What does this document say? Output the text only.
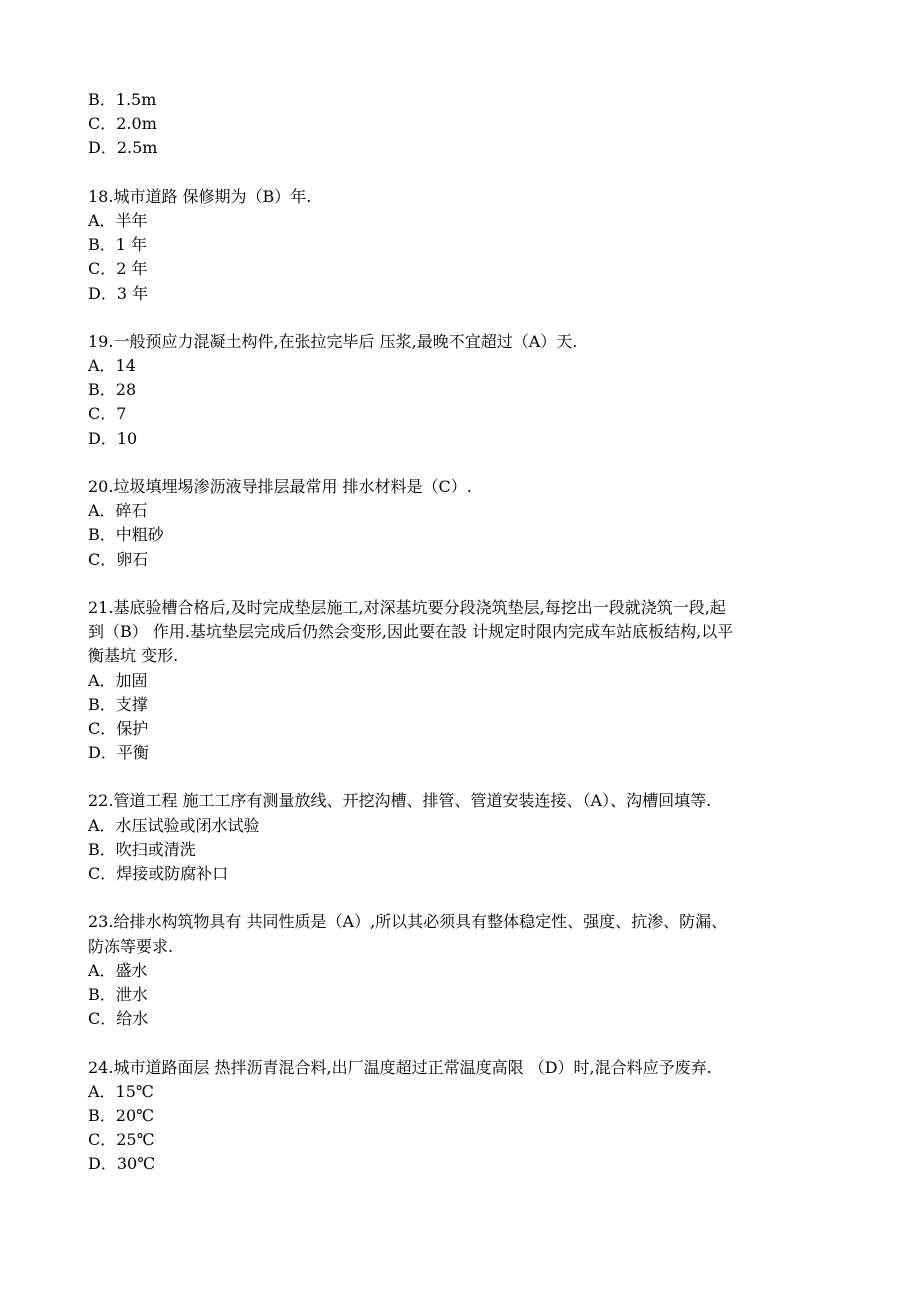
B．1.5m
C．2.0m
D．2.5m
18.城市道路 保修期为（B）年.
A．半年
B．1 年
C．2 年
D．3 年
19.一般预应力混凝土构件,在张拉完毕后 压浆,最晚不宜超过（A）天.
A．14
B．28
C．7
D．10
20.垃圾填埋埸渗沥液导排层最常用 排水材料是（C）.
A．碎石
B．中粗砂
C．卵石
21.基底验槽合格后,及时完成垫层施工,对深基坑要分段浇筑垫层,每挖出一段就浇筑一段,起
到（B） 作用.基坑垫层完成后仍然会变形,因此要在設 计规定时限内完成车站底板结构,以平
衡基坑 变形.
A．加固
B．支撑
C．保护
D．平衡
22.管道工程 施工工序有测量放线、开挖沟槽、排管、管道安装连接、（A）、沟槽回填等.
A．水压试验或闭水试验
B．吹扫或清洗
C．焊接或防腐补口
23.给排水构筑物具有 共同性质是（A）,所以其必须具有整体稳定性、强度、抗渗、防漏、
防冻等要求.
A．盛水
B．泄水
C．给水
24.城市道路面层 热拌沥青混合料,出厂温度超过正常温度高限 （D）时,混合料应予废弃.
A．15℃
B．20℃
C．25℃
D．30℃
